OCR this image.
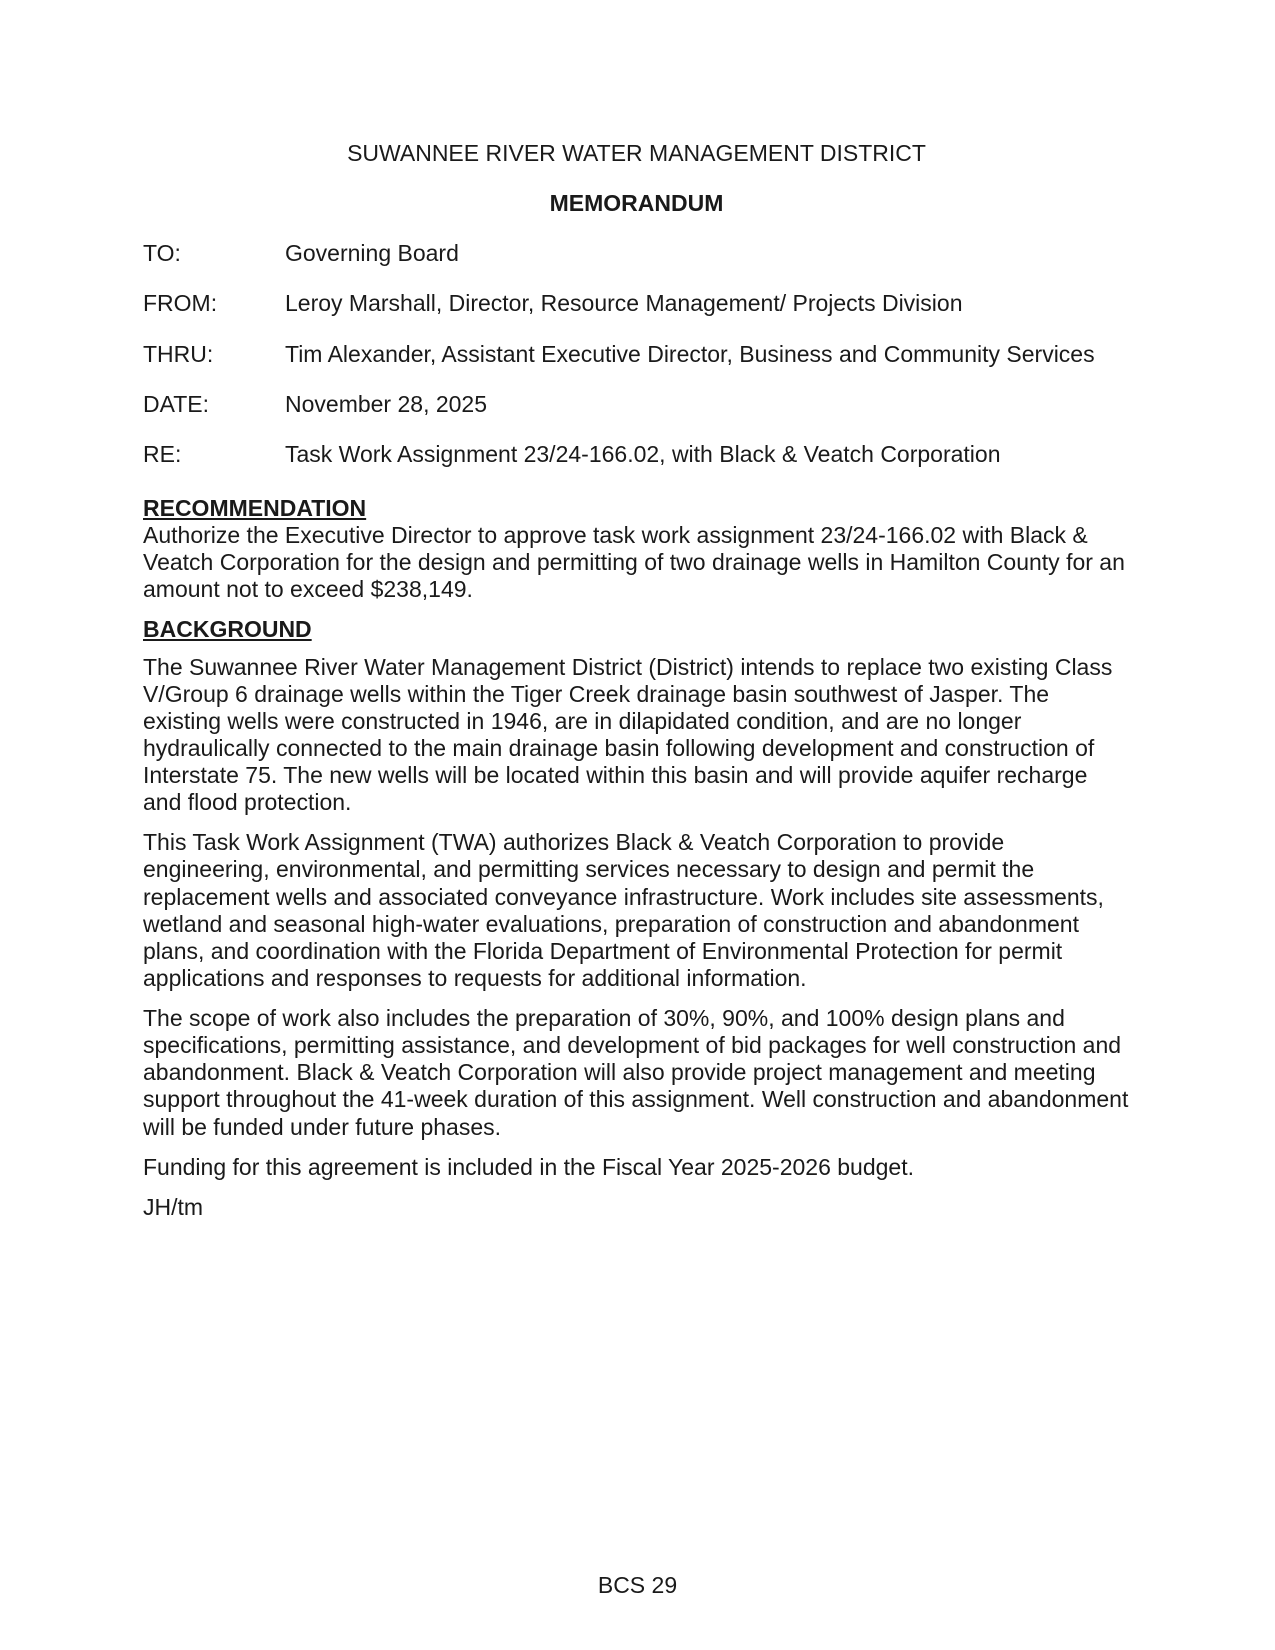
SUWANNEE RIVER WATER MANAGEMENT DISTRICT
MEMORANDUM
TO:	Governing Board
FROM:	Leroy Marshall, Director, Resource Management/ Projects Division
THRU:	Tim Alexander, Assistant Executive Director, Business and Community Services
DATE:	November 28, 2025
RE:	Task Work Assignment 23/24-166.02, with Black & Veatch Corporation
RECOMMENDATION

Authorize the Executive Director to approve task work assignment 23/24-166.02 with Black & Veatch Corporation for the design and permitting of two drainage wells in Hamilton County for an amount not to exceed $238,149.

BACKGROUND

The Suwannee River Water Management District (District) intends to replace two existing Class V/Group 6 drainage wells within the Tiger Creek drainage basin southwest of Jasper. The existing wells were constructed in 1946, are in dilapidated condition, and are no longer hydraulically connected to the main drainage basin following development and construction of Interstate 75. The new wells will be located within this basin and will provide aquifer recharge and flood protection.

This Task Work Assignment (TWA) authorizes Black & Veatch Corporation to provide engineering, environmental, and permitting services necessary to design and permit the replacement wells and associated conveyance infrastructure. Work includes site assessments, wetland and seasonal high-water evaluations, preparation of construction and abandonment plans, and coordination with the Florida Department of Environmental Protection for permit applications and responses to requests for additional information.

The scope of work also includes the preparation of 30%, 90%, and 100% design plans and specifications, permitting assistance, and development of bid packages for well construction and abandonment. Black & Veatch Corporation will also provide project management and meeting support throughout the 41-week duration of this assignment. Well construction and abandonment will be funded under future phases.

Funding for this agreement is included in the Fiscal Year 2025-2026 budget.

JH/tm

BCS 29
